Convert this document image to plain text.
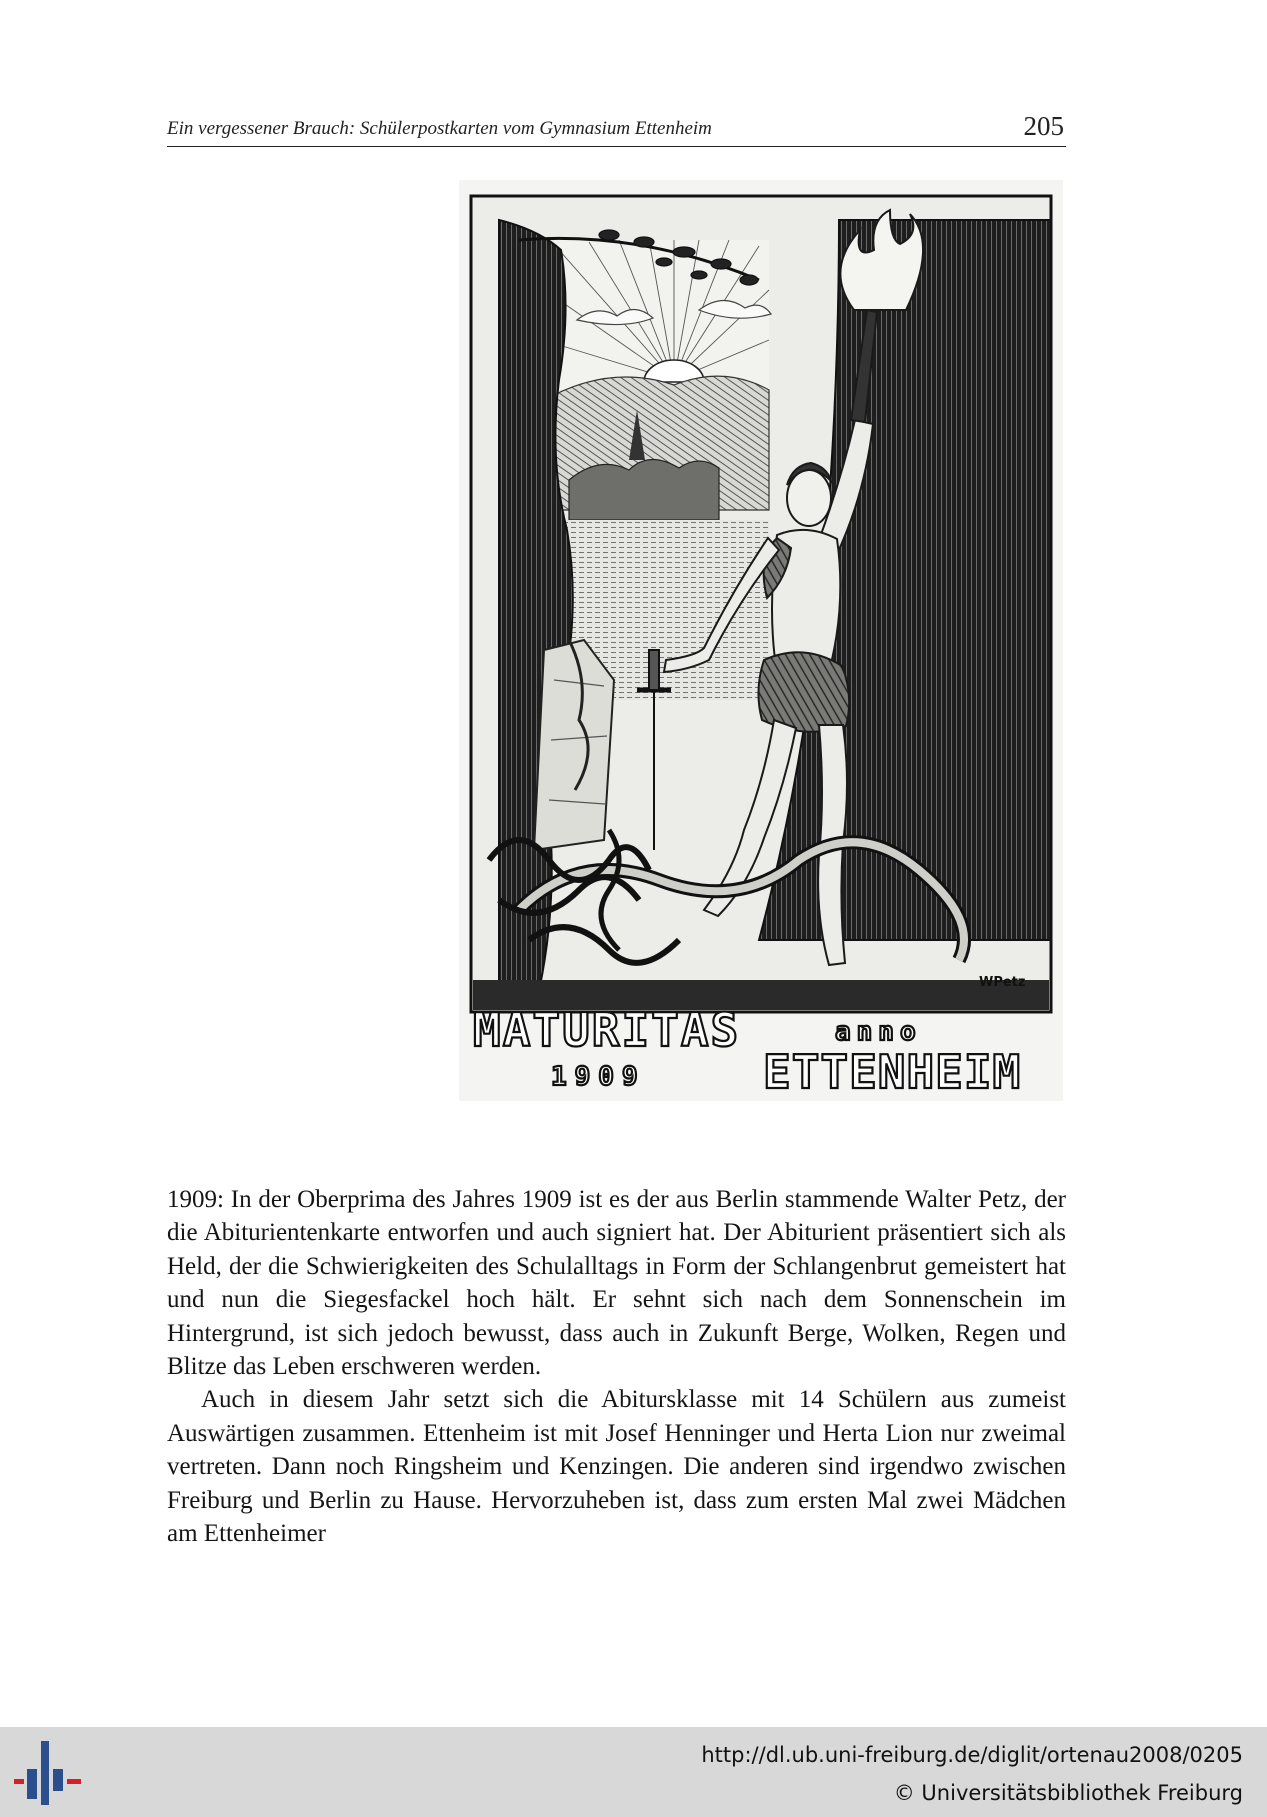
Ein vergessener Brauch: Schülerpostkarten vom Gymnasium Ettenheim	205
WPetz
MATURITAS	anno
1909	ETTENHEIM

1909: In der Oberprima des Jahres 1909 ist es der aus Berlin stammende Walter Petz, der die Abiturientenkarte entworfen und auch signiert hat. Der Abiturient präsentiert sich als Held, der die Schwierigkeiten des Schulalltags in Form der Schlangenbrut gemeistert hat und nun die Siegesfackel hoch hält. Er sehnt sich nach dem Sonnenschein im Hintergrund, ist sich jedoch bewusst, dass auch in Zukunft Berge, Wolken, Regen und Blitze das Leben erschweren werden.

Auch in diesem Jahr setzt sich die Abitursklasse mit 14 Schülern aus zumeist Auswärtigen zusammen. Ettenheim ist mit Josef Henninger und Herta Lion nur zweimal vertreten. Dann noch Ringsheim und Kenzingen. Die anderen sind irgendwo zwischen Freiburg und Berlin zu Hause. Hervorzuheben ist, dass zum ersten Mal zwei Mädchen am Ettenheimer

http://dl.ub.uni-freiburg.de/diglit/ortenau2008/0205
© Universitätsbibliothek Freiburg
